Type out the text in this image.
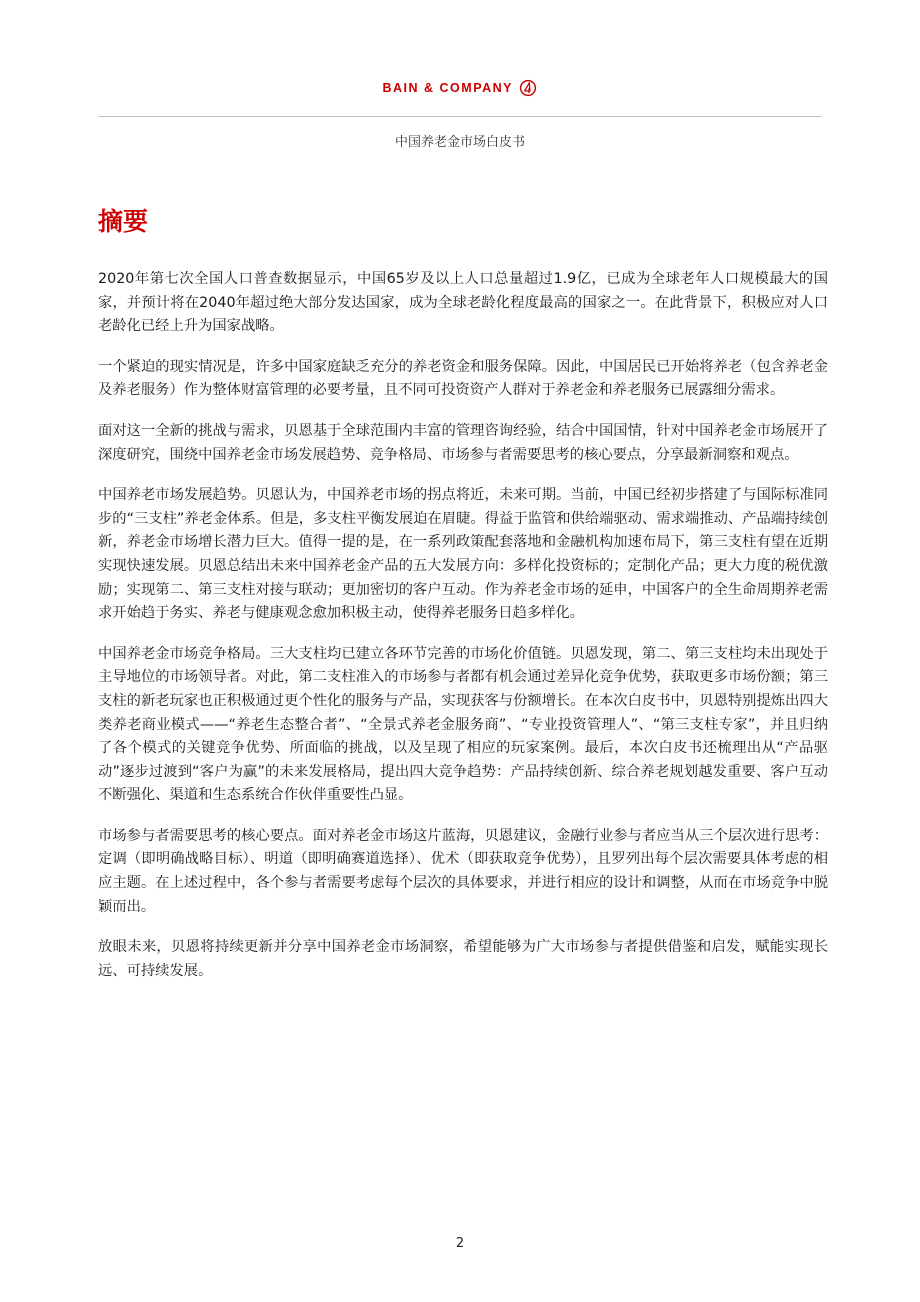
BAIN & COMPANY
中国养老金市场白皮书
摘要

2020年第七次全国人口普查数据显示，中国65岁及以上人口总量超过1.9亿，已成为全球老年人口规模最大的国家，并预计将在2040年超过绝大部分发达国家，成为全球老龄化程度最高的国家之一。在此背景下，积极应对人口老龄化已经上升为国家战略。

一个紧迫的现实情况是，许多中国家庭缺乏充分的养老资金和服务保障。因此，中国居民已开始将养老（包含养老金及养老服务）作为整体财富管理的必要考量，且不同可投资资产人群对于养老金和养老服务已展露细分需求。

面对这一全新的挑战与需求，贝恩基于全球范围内丰富的管理咨询经验，结合中国国情，针对中国养老金市场展开了深度研究，围绕中国养老金市场发展趋势、竞争格局、市场参与者需要思考的核心要点，分享最新洞察和观点。

中国养老市场发展趋势。贝恩认为，中国养老市场的拐点将近，未来可期。当前，中国已经初步搭建了与国际标准同步的“三支柱”养老金体系。但是，多支柱平衡发展迫在眉睫。得益于监管和供给端驱动、需求端推动、产品端持续创新，养老金市场增长潜力巨大。值得一提的是，在一系列政策配套落地和金融机构加速布局下，第三支柱有望在近期实现快速发展。贝恩总结出未来中国养老金产品的五大发展方向：多样化投资标的；定制化产品；更大力度的税优激励；实现第二、第三支柱对接与联动；更加密切的客户互动。作为养老金市场的延申，中国客户的全生命周期养老需求开始趋于务实、养老与健康观念愈加积极主动，使得养老服务日趋多样化。

中国养老金市场竞争格局。三大支柱均已建立各环节完善的市场化价值链。贝恩发现，第二、第三支柱均未出现处于主导地位的市场领导者。对此，第二支柱准入的市场参与者都有机会通过差异化竞争优势，获取更多市场份额；第三支柱的新老玩家也正积极通过更个性化的服务与产品，实现获客与份额增长。在本次白皮书中，贝恩特别提炼出四大类养老商业模式——“养老生态整合者”、“全景式养老金服务商”、“专业投资管理人”、“第三支柱专家”，并且归纳了各个模式的关键竞争优势、所面临的挑战，以及呈现了相应的玩家案例。最后，本次白皮书还梳理出从“产品驱动”逐步过渡到“客户为赢”的未来发展格局，提出四大竞争趋势：产品持续创新、综合养老规划越发重要、客户互动不断强化、渠道和生态系统合作伙伴重要性凸显。

市场参与者需要思考的核心要点。面对养老金市场这片蓝海，贝恩建议，金融行业参与者应当从三个层次进行思考：定调（即明确战略目标）、明道（即明确赛道选择）、优术（即获取竞争优势），且罗列出每个层次需要具体考虑的相应主题。在上述过程中，各个参与者需要考虑每个层次的具体要求，并进行相应的设计和调整，从而在市场竞争中脱颖而出。

放眼未来，贝恩将持续更新并分享中国养老金市场洞察，希望能够为广大市场参与者提供借鉴和启发，赋能实现长远、可持续发展。

2
